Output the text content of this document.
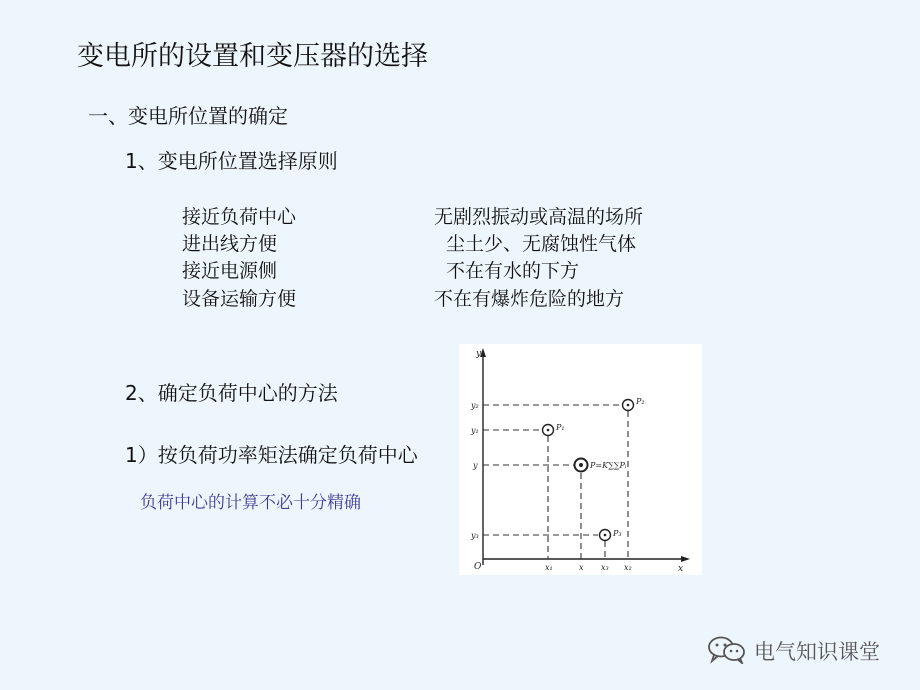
变电所的设置和变压器的选择
一、变电所位置的确定
1、变电所位置选择原则
接近负荷中心
进出线方便
接近电源侧
设备运输方便
无剧烈振动或高温的场所
尘土少、无腐蚀性气体
不在有水的下方
不在有爆炸危险的地方
2、确定负荷中心的方法
1）按负荷功率矩法确定负荷中心
负荷中心的计算不必十分精确
y
x
O
P₂
P₁
P=K∑∑Pᵢ
P₃
y₂
y₁
y
y₃
x₁	x x₃ x₂
电气知识课堂
